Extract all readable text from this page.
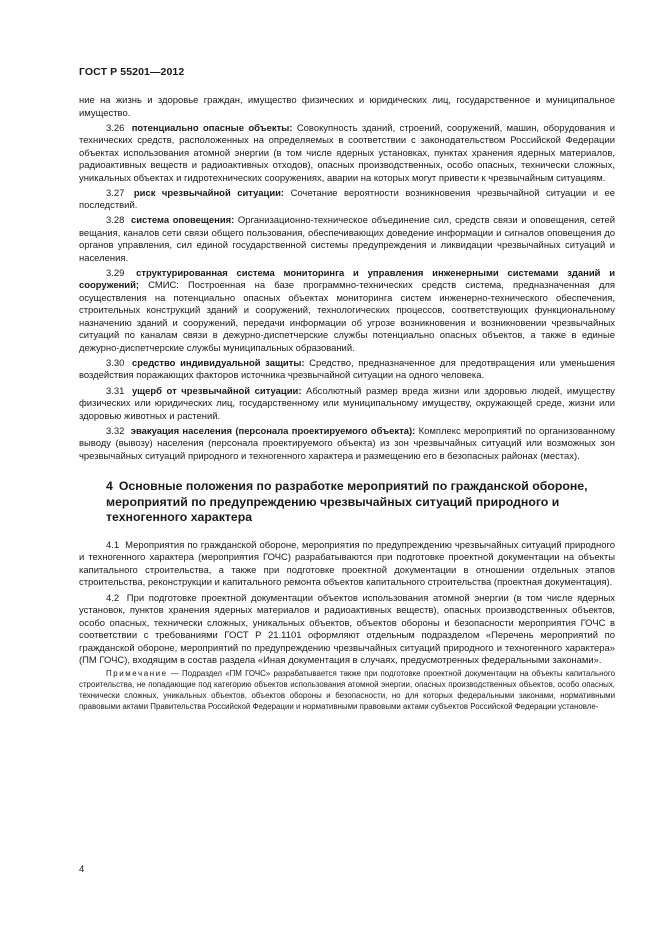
ГОСТ Р 55201—2012

ние на жизнь и здоровье граждан, имущество физических и юридических лиц, государственное и муниципальное имущество.

3.26 потенциально опасные объекты: Совокупность зданий, строений, сооружений, машин, оборудования и технических средств, расположенных на определяемых в соответствии с законодательством Российской Федерации объектах использования атомной энергии (в том числе ядерных установках, пунктах хранения ядерных материалов, радиоактивных веществ и радиоактивных отходов), опасных производственных, особо опасных, технически сложных, уникальных объектах и гидротехнических сооружениях, аварии на которых могут привести к чрезвычайным ситуациям.

3.27 риск чрезвычайной ситуации: Сочетание вероятности возникновения чрезвычайной ситуации и ее последствий.

3.28 система оповещения: Организационно-техническое объединение сил, средств связи и оповещения, сетей вещания, каналов сети связи общего пользования, обеспечивающих доведение информации и сигналов оповещения до органов управления, сил единой государственной системы предупреждения и ликвидации чрезвычайных ситуаций и населения.

3.29 структурированная система мониторинга и управления инженерными системами зданий и сооружений; СМИС: Построенная на базе программно-технических средств система, предназначенная для осуществления на потенциально опасных объектах мониторинга систем инженерно-технического обеспечения, строительных конструкций зданий и сооружений, технологических процессов, соответствующих функциональному назначению зданий и сооружений, передачи информации об угрозе возникновения и возникновении чрезвычайных ситуаций по каналам связи в дежурно-диспетчерские службы потенциально опасных объектов, а также в единые дежурно-диспетчерские службы муниципальных образований.

3.30 средство индивидуальной защиты: Средство, предназначенное для предотвращения или уменьшения воздействия поражающих факторов источника чрезвычайной ситуации на одного человека.

3.31 ущерб от чрезвычайной ситуации: Абсолютный размер вреда жизни или здоровью людей, имуществу физических или юридических лиц, государственному или муниципальному имуществу, окружающей среде, жизни или здоровью животных и растений.

3.32 эвакуация населения (персонала проектируемого объекта): Комплекс мероприятий по организованному выводу (вывозу) населения (персонала проектируемого объекта) из зон чрезвычайных ситуаций или возможных зон чрезвычайных ситуаций природного и техногенного характера и размещению его в безопасных районах (местах).

4 Основные положения по разработке мероприятий по гражданской обороне, мероприятий по предупреждению чрезвычайных ситуаций природного и техногенного характера

4.1 Мероприятия по гражданской обороне, мероприятия по предупреждению чрезвычайных ситуаций природного и техногенного характера (мероприятия ГОЧС) разрабатываются при подготовке проектной документации на объекты капитального строительства, а также при подготовке проектной документации в отношении отдельных этапов строительства, реконструкции и капитального ремонта объектов капитального строительства (проектная документация).

4.2 При подготовке проектной документации объектов использования атомной энергии (в том числе ядерных установок, пунктов хранения ядерных материалов и радиоактивных веществ), опасных производственных объектов, особо опасных, технически сложных, уникальных объектов, объектов обороны и безопасности мероприятия ГОЧС в соответствии с требованиями ГОСТ Р 21.1101 оформляют отдельным подразделом «Перечень мероприятий по гражданской обороне, мероприятий по предупреждению чрезвычайных ситуаций природного и техногенного характера» (ПМ ГОЧС), входящим в состав раздела «Иная документация в случаях, предусмотренных федеральными законами».

Примечание — Подраздел «ПМ ГОЧС» разрабатывается также при подготовке проектной документации на объекты капитального строительства, не попадающие под категорию объектов использования атомной энергии, опасных производственных объектов, особо опасных, технически сложных, уникальных объектов, объектов обороны и безопасности, но для которых федеральными законами, нормативными правовыми актами Правительства Российской Федерации и нормативными правовыми актами субъектов Российской Федерации установле-

4
